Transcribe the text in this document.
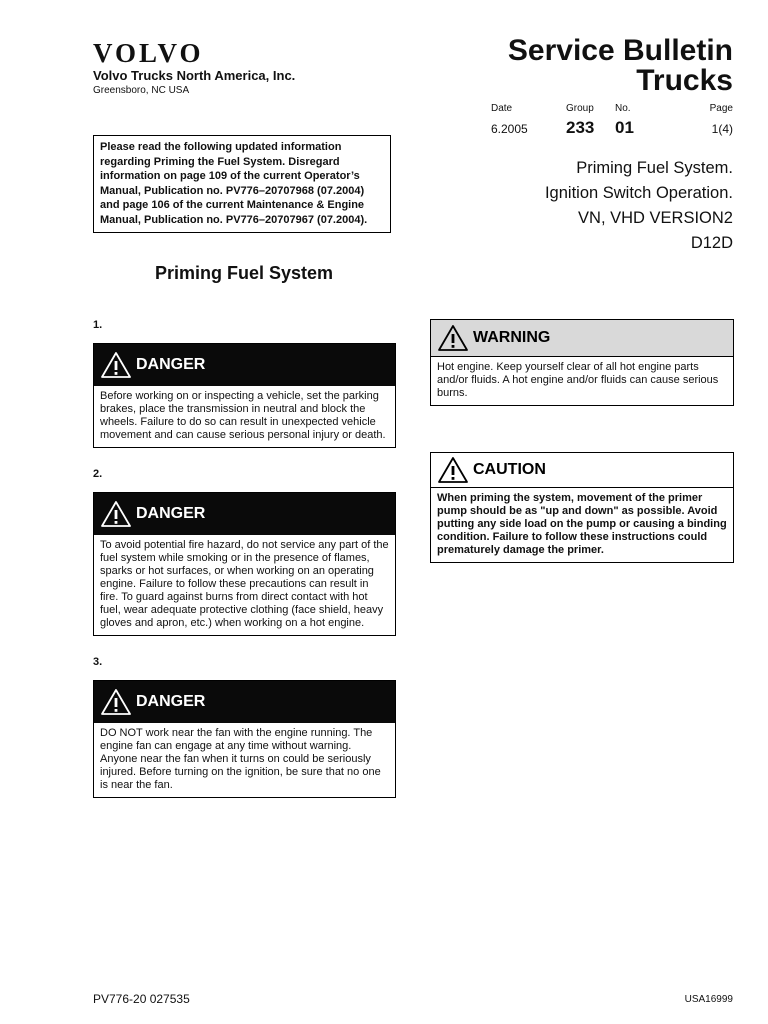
VOLVO
Volvo Trucks North America, Inc.
Greensboro, NC USA
Service Bulletin
Trucks
Date	Group No.	Page
6.2005 233 01	1(4)
Priming Fuel System.
Ignition Switch Operation.
VN, VHD VERSION2
D12D
Please read the following updated information regarding Priming the Fuel System. Disregard information on page 109 of the current Operator’s Manual, Publication no. PV776–20707968 (07.2004) and page 106 of the current Maintenance & Engine Manual, Publication no. PV776–20707967 (07.2004).
Priming Fuel System
1.
DANGER
Before working on or inspecting a vehicle, set the parking brakes, place the transmission in neutral and block the wheels. Failure to do so can result in unexpected vehicle movement and can cause serious personal injury or death.
2.
DANGER
To avoid potential fire hazard, do not service any part of the fuel system while smoking or in the presence of flames, sparks or hot surfaces, or when working on an operating engine. Failure to follow these precautions can result in fire. To guard against burns from direct contact with hot fuel, wear adequate protective clothing (face shield, heavy gloves and apron, etc.) when working on a hot engine.
3.
DANGER
DO NOT work near the fan with the engine running. The engine fan can engage at any time without warning. Anyone near the fan when it turns on could be seriously injured. Before turning on the ignition, be sure that no one is near the fan.
WARNING
Hot engine. Keep yourself clear of all hot engine parts and/or fluids. A hot engine and/or fluids can cause serious burns.
CAUTION
When priming the system, movement of the primer pump should be as "up and down" as possible. Avoid putting any side load on the pump or causing a binding condition. Failure to follow these instructions could prematurely damage the primer.
PV776-20 027535	USA16999
